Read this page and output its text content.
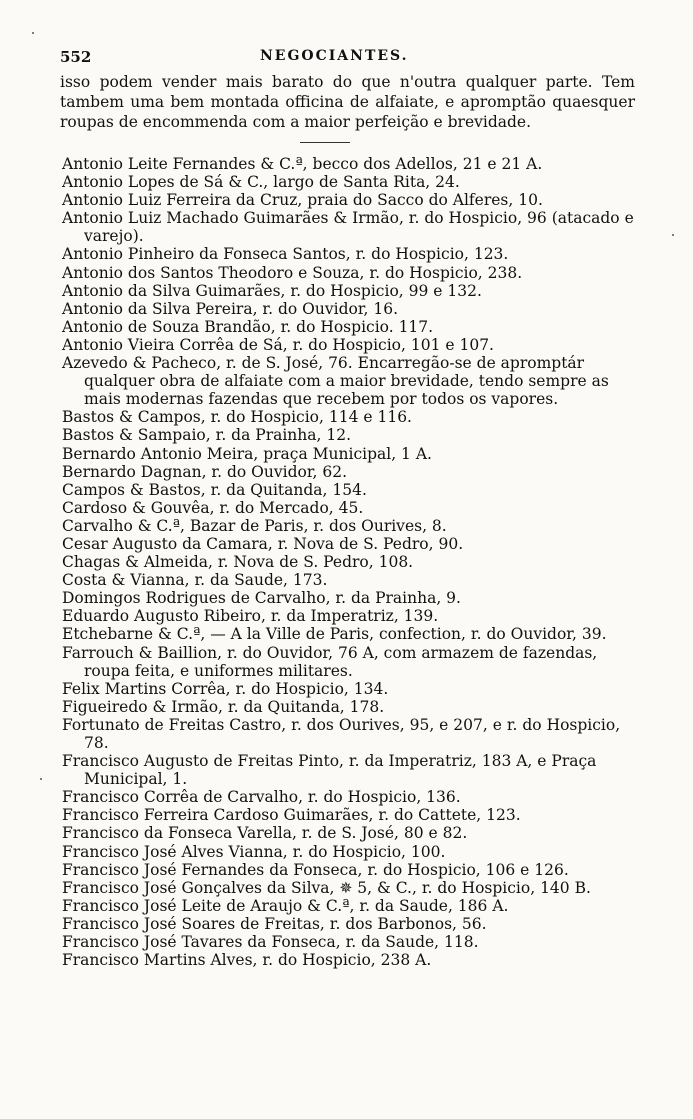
552	NEGOCIANTES.

isso podem vender mais barato do que n'outra qualquer parte. Tem tambem uma bem montada officina de alfaiate, e apromptão quaesquer roupas de encommenda com a maior perfeição e brevidade.

Antonio Leite Fernandes & C.ª, becco dos Adellos, 21 e 21 A.

Antonio Lopes de Sá & C., largo de Santa Rita, 24.

Antonio Luiz Ferreira da Cruz, praia do Sacco do Alferes, 10.

Antonio Luiz Machado Guimarães & Irmão, r. do Hospicio, 96 (atacado e varejo).

Antonio Pinheiro da Fonseca Santos, r. do Hospicio, 123.

Antonio dos Santos Theodoro e Souza, r. do Hospicio, 238.

Antonio da Silva Guimarães, r. do Hospicio, 99 e 132.

Antonio da Silva Pereira, r. do Ouvidor, 16.

Antonio de Souza Brandão, r. do Hospicio. 117.

Antonio Vieira Corrêa de Sá, r. do Hospicio, 101 e 107.

Azevedo & Pacheco, r. de S. José, 76. Encarregão-se de apromptár qualquer obra de alfaiate com a maior brevidade, tendo sempre as mais modernas fazendas que recebem por todos os vapores.

Bastos & Campos, r. do Hospicio, 114 e 116.

Bastos & Sampaio, r. da Prainha, 12.

Bernardo Antonio Meira, praça Municipal, 1 A.

Bernardo Dagnan, r. do Ouvidor, 62.

Campos & Bastos, r. da Quitanda, 154.

Cardoso & Gouvêa, r. do Mercado, 45.

Carvalho & C.ª, Bazar de Paris, r. dos Ourives, 8.

Cesar Augusto da Camara, r. Nova de S. Pedro, 90.

Chagas & Almeida, r. Nova de S. Pedro, 108.

Costa & Vianna, r. da Saude, 173.

Domingos Rodrigues de Carvalho, r. da Prainha, 9.

Eduardo Augusto Ribeiro, r. da Imperatriz, 139.

Etchebarne & C.ª, — A la Ville de Paris, confection, r. do Ouvidor, 39.

Farrouch & Baillion, r. do Ouvidor, 76 A, com armazem de fazendas, roupa feita, e uniformes militares.

Felix Martins Corrêa, r. do Hospicio, 134.

Figueiredo & Irmão, r. da Quitanda, 178.

Fortunato de Freitas Castro, r. dos Ourives, 95, e 207, e r. do Hospicio, 78.

Francisco Augusto de Freitas Pinto, r. da Imperatriz, 183 A, e Praça Municipal, 1.

Francisco Corrêa de Carvalho, r. do Hospicio, 136.

Francisco Ferreira Cardoso Guimarães, r. do Cattete, 123.

Francisco da Fonseca Varella, r. de S. José, 80 e 82.

Francisco José Alves Vianna, r. do Hospicio, 100.

Francisco José Fernandes da Fonseca, r. do Hospicio, 106 e 126.

Francisco José Gonçalves da Silva, ✵ 5, & C., r. do Hospicio, 140 B.

Francisco José Leite de Araujo & C.ª, r. da Saude, 186 A.

Francisco José Soares de Freitas, r. dos Barbonos, 56.

Francisco José Tavares da Fonseca, r. da Saude, 118.

Francisco Martins Alves, r. do Hospicio, 238 A.
